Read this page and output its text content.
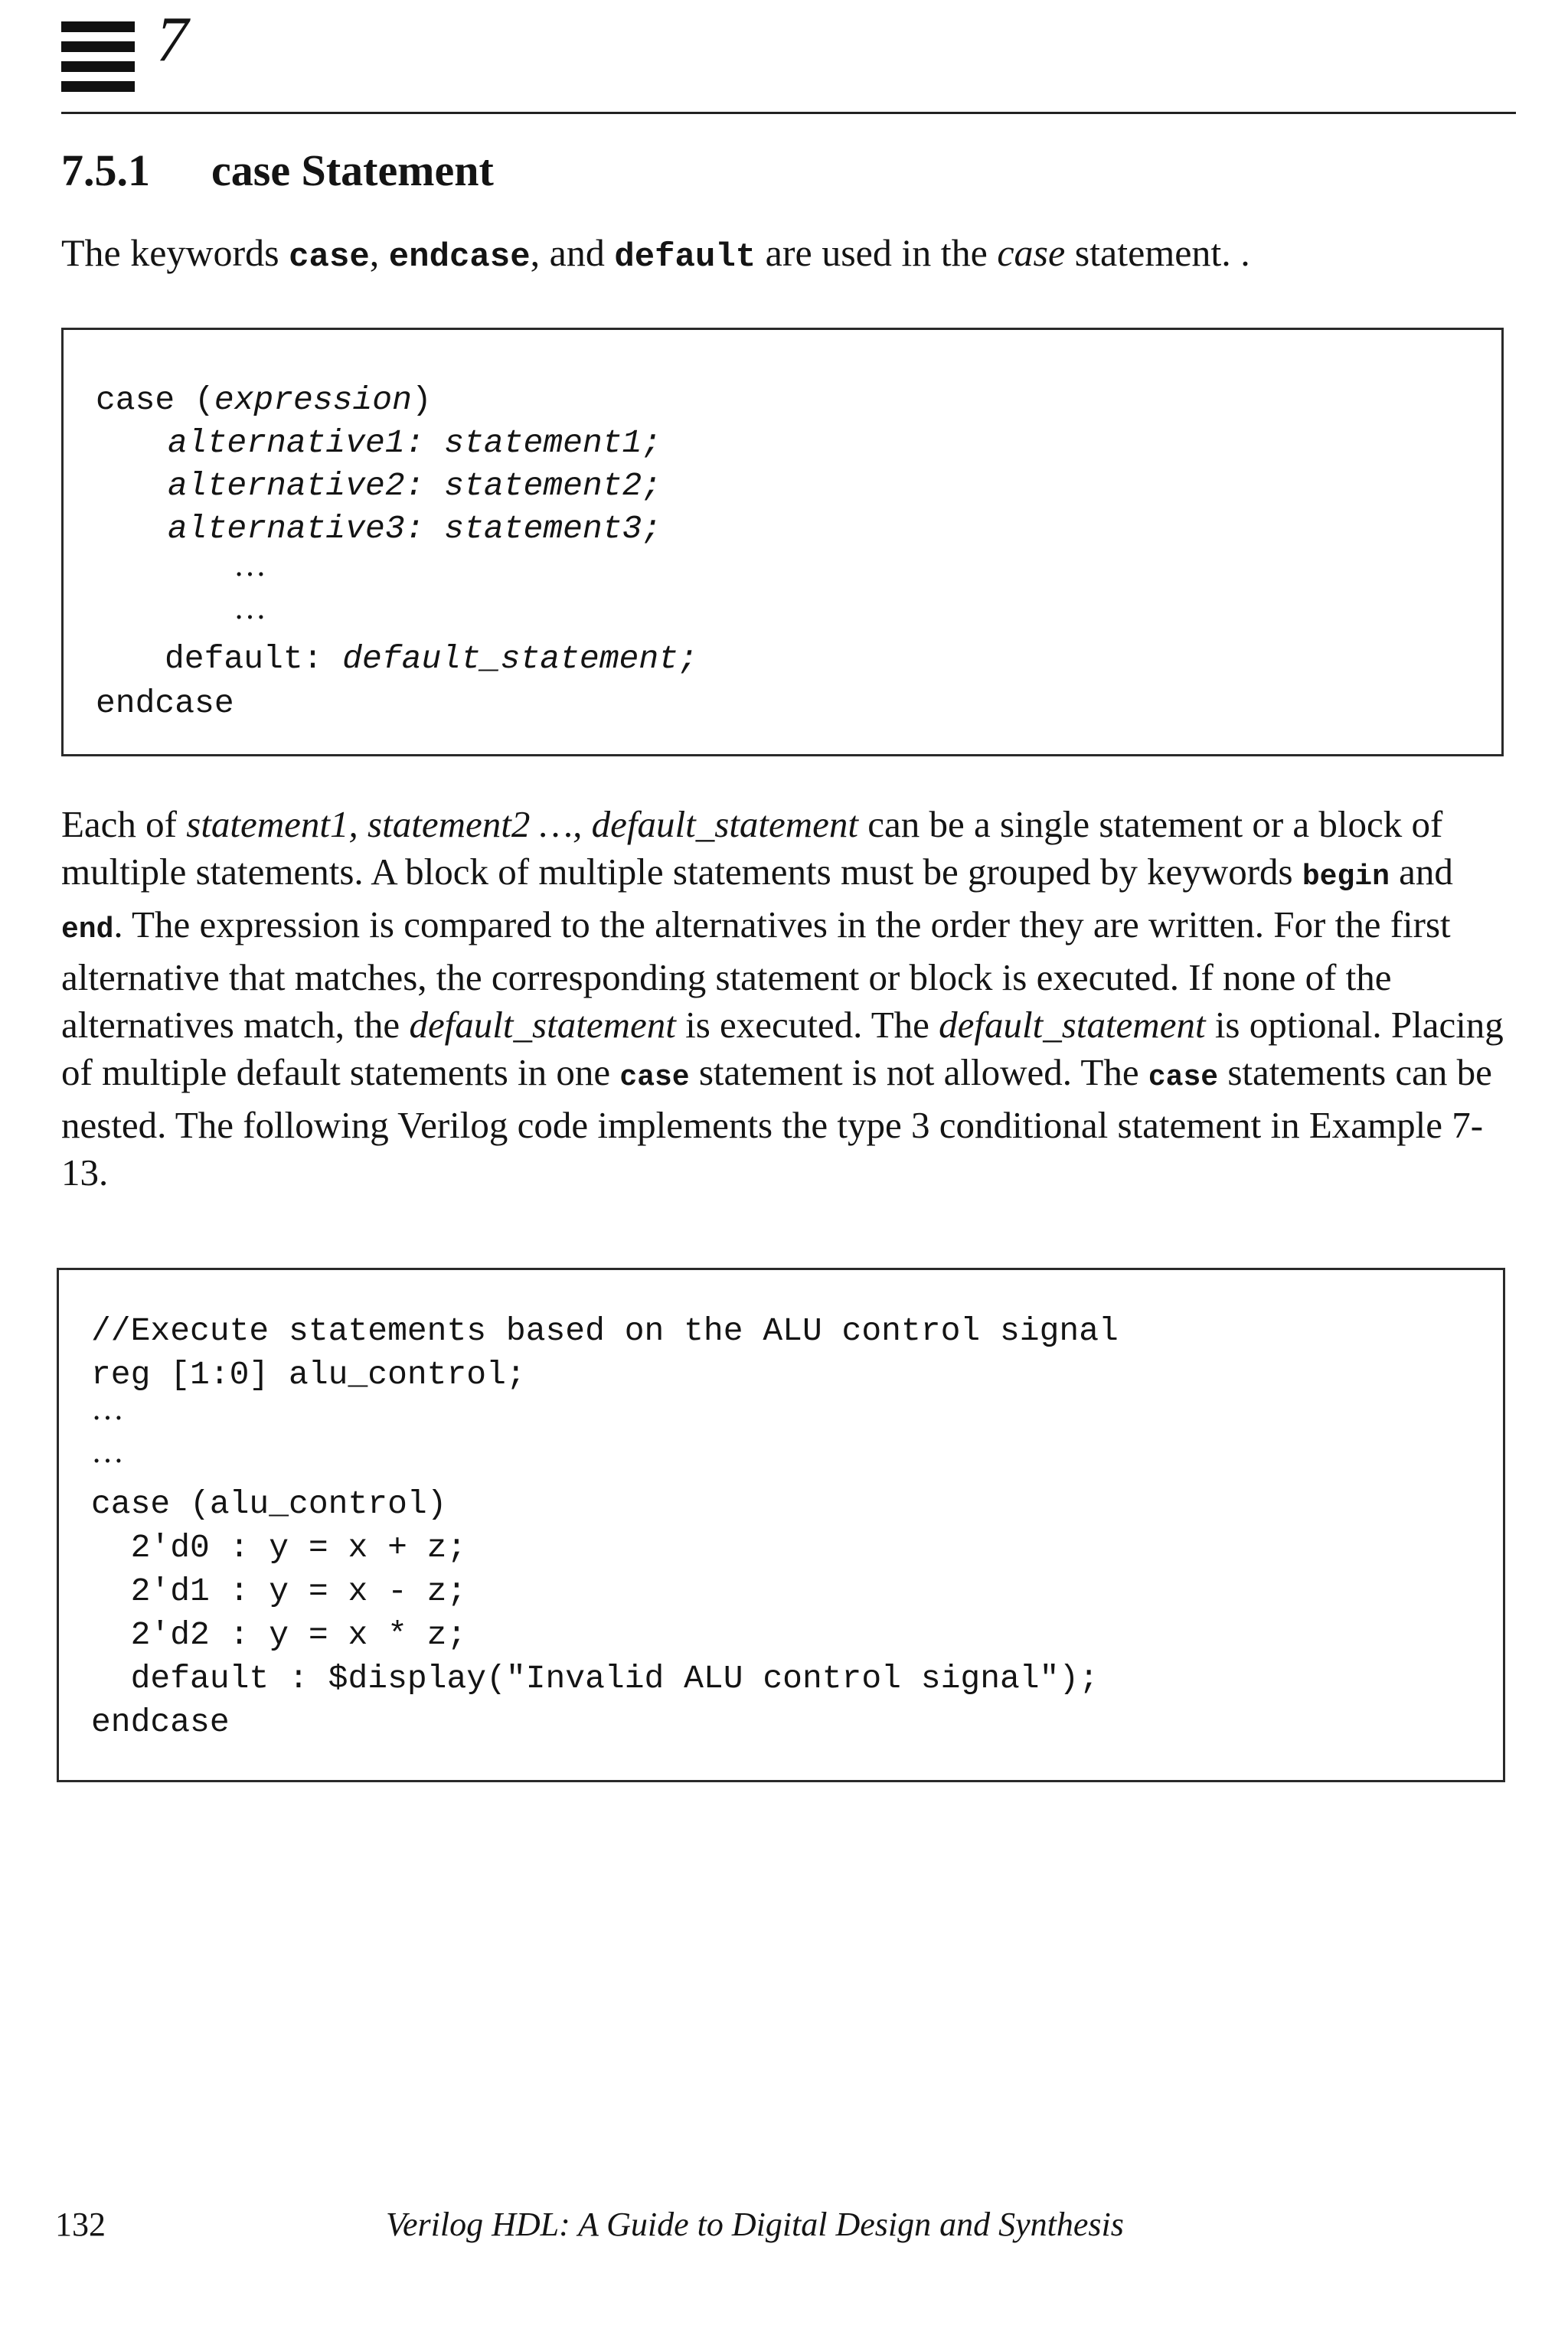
7
7.5.1 case Statement
The keywords case, endcase, and default are used in the case statement. .
case (expression)
alternative1: statement1;
alternative2: statement2;
alternative3: statement3;
…
…
default: default_statement;
endcase

Each of statement1, statement2 …, default_statement can be a single statement or a block of multiple statements. A block of multiple statements must be grouped by keywords begin and end. The expression is compared to the alternatives in the order they are written. For the first alternative that matches, the corresponding statement or block is executed. If none of the alternatives match, the default_statement is executed. The default_statement is optional. Placing of multiple default statements in one case statement is not allowed. The case statements can be nested. The following Verilog code implements the type 3 conditional statement in Example 7-13.

//Execute statements based on the ALU control signal
reg [1:0] alu_control;
…
…
case (alu_control)
2'd0 : y = x + z;
2'd1 : y = x - z;
2'd2 : y = x * z;
default : $display("Invalid ALU control signal");
endcase
132	Verilog HDL: A Guide to Digital Design and Synthesis
